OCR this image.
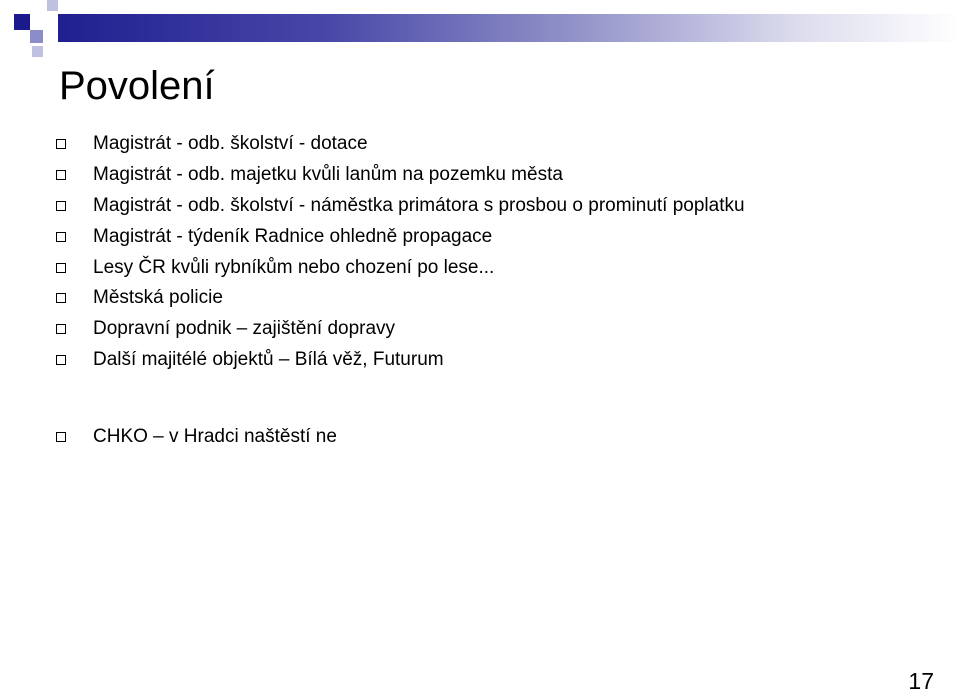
Povolení
Magistrát - odb. školství - dotace
Magistrát - odb. majetku kvůli lanům na pozemku města
Magistrát - odb. školství - náměstka primátora s prosbou o prominutí poplatku
Magistrát - týdeník Radnice ohledně propagace
Lesy ČR kvůli rybníkům nebo chození po lese...
Městská policie
Dopravní podnik – zajištění dopravy
Další majitélé objektů – Bílá věž, Futurum
CHKO – v Hradci naštěstí ne
17
